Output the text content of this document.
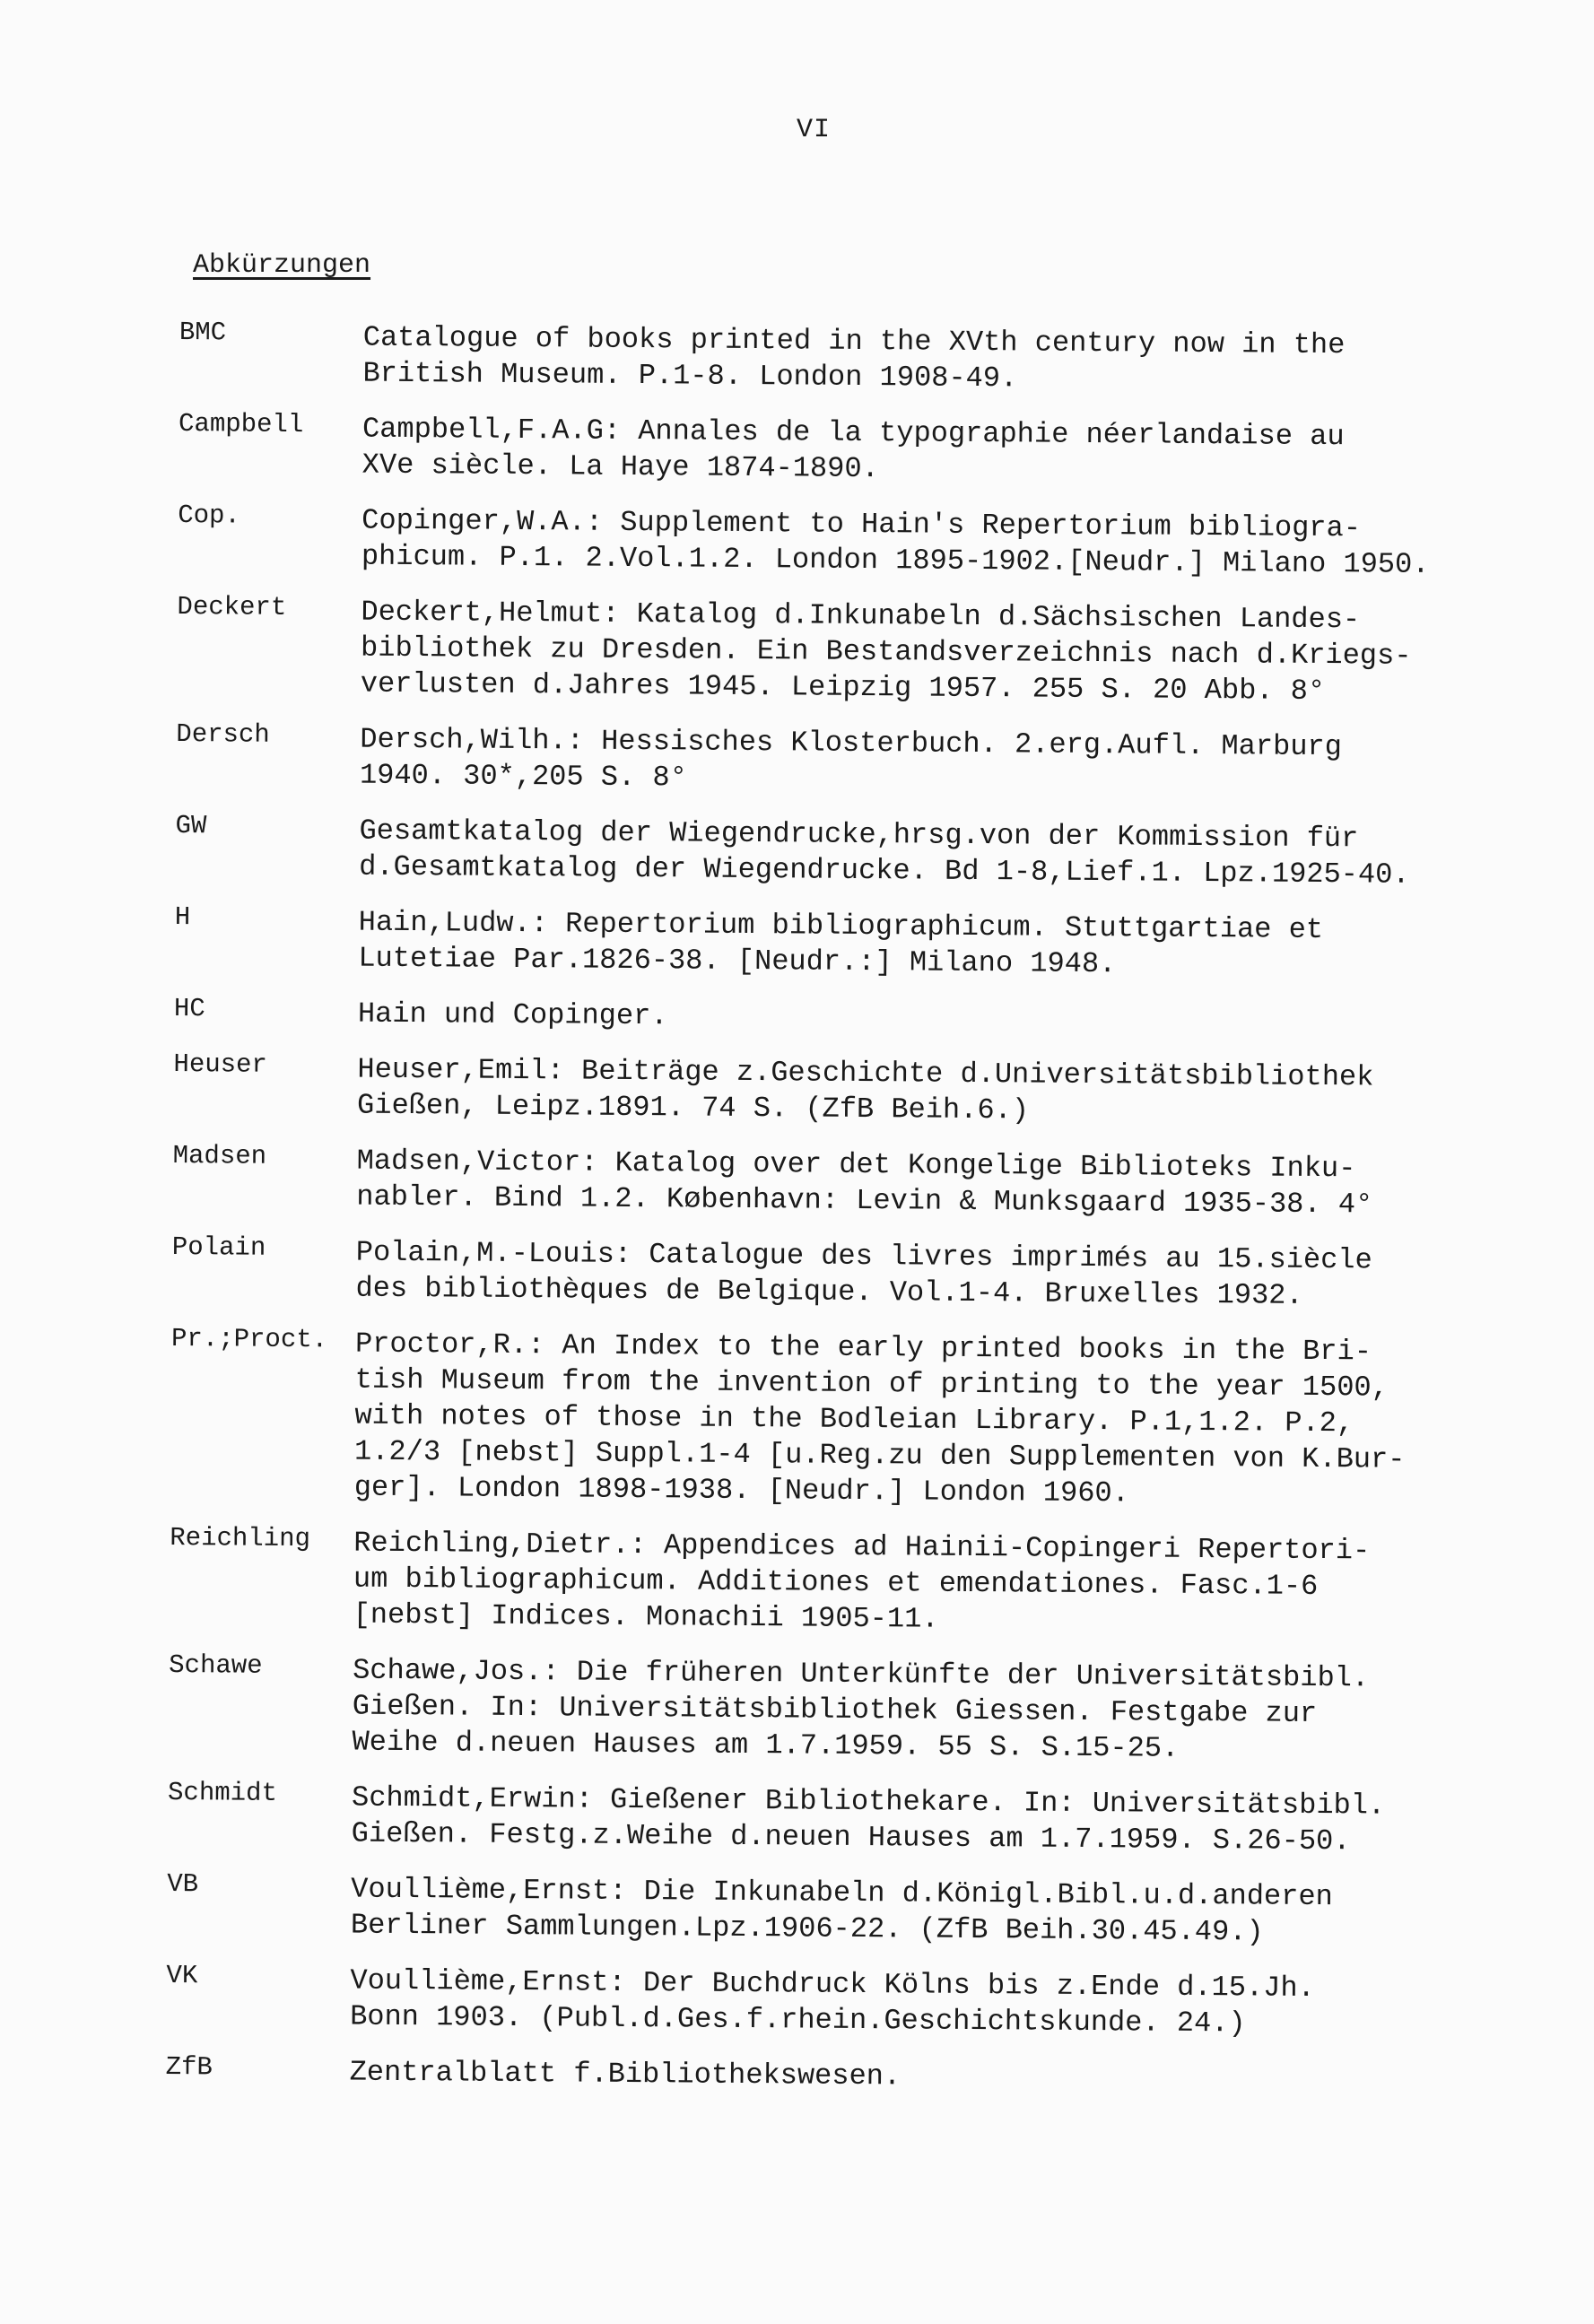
VI
Abkürzungen
BMC	Catalogue of books printed in the XVth century now in the
British Museum. P.1-8. London 1908-49.
Campbell	Campbell,F.A.G: Annales de la typographie néerlandaise au
XVe siècle. La Haye 1874-1890.
Cop.	Copinger,W.A.: Supplement to Hain's Repertorium bibliogra-
phicum. P.1. 2.Vol.1.2. London 1895-1902.[Neudr.] Milano 1950.
Deckert	Deckert,Helmut: Katalog d.Inkunabeln d.Sächsischen Landes-
bibliothek zu Dresden. Ein Bestandsverzeichnis nach d.Kriegs-
verlusten d.Jahres 1945. Leipzig 1957. 255 S. 20 Abb. 8°
Dersch	Dersch,Wilh.: Hessisches Klosterbuch. 2.erg.Aufl. Marburg
1940. 30*,205 S. 8°
GW	Gesamtkatalog der Wiegendrucke,hrsg.von der Kommission für
d.Gesamtkatalog der Wiegendrucke. Bd 1-8,Lief.1. Lpz.1925-40.
H	Hain,Ludw.: Repertorium bibliographicum. Stuttgartiae et
Lutetiae Par.1826-38. [Neudr.:] Milano 1948.
HC	Hain und Copinger.
Heuser	Heuser,Emil: Beiträge z.Geschichte d.Universitätsbibliothek
Gießen, Leipz.1891. 74 S. (ZfB Beih.6.)
Madsen	Madsen,Victor: Katalog over det Kongelige Biblioteks Inku-
nabler. Bind 1.2. København: Levin & Munksgaard 1935-38. 4°
Polain	Polain,M.-Louis: Catalogue des livres imprimés au 15.siècle
des bibliothèques de Belgique. Vol.1-4. Bruxelles 1932.
Pr.;Proct. Proctor,R.: An Index to the early printed books in the Bri-
tish Museum from the invention of printing to the year 1500,
with notes of those in the Bodleian Library. P.1,1.2. P.2,
1.2/3 [nebst] Suppl.1-4 [u.Reg.zu den Supplementen von K.Bur-
ger]. London 1898-1938. [Neudr.] London 1960.
Reichling	Reichling,Dietr.: Appendices ad Hainii-Copingeri Repertori-
um bibliographicum. Additiones et emendationes. Fasc.1-6
[nebst] Indices. Monachii 1905-11.
Schawe	Schawe,Jos.: Die früheren Unterkünfte der Universitätsbibl.
Gießen. In: Universitätsbibliothek Giessen. Festgabe zur
Weihe d.neuen Hauses am 1.7.1959. 55 S. S.15-25.
Schmidt	Schmidt,Erwin: Gießener Bibliothekare. In: Universitätsbibl.
Gießen. Festg.z.Weihe d.neuen Hauses am 1.7.1959. S.26-50.
VB	Voullième,Ernst: Die Inkunabeln d.Königl.Bibl.u.d.anderen
Berliner Sammlungen.Lpz.1906-22. (ZfB Beih.30.45.49.)
VK	Voullième,Ernst: Der Buchdruck Kölns bis z.Ende d.15.Jh.
Bonn 1903. (Publ.d.Ges.f.rhein.Geschichtskunde. 24.)
ZfB	Zentralblatt f.Bibliothekswesen.
